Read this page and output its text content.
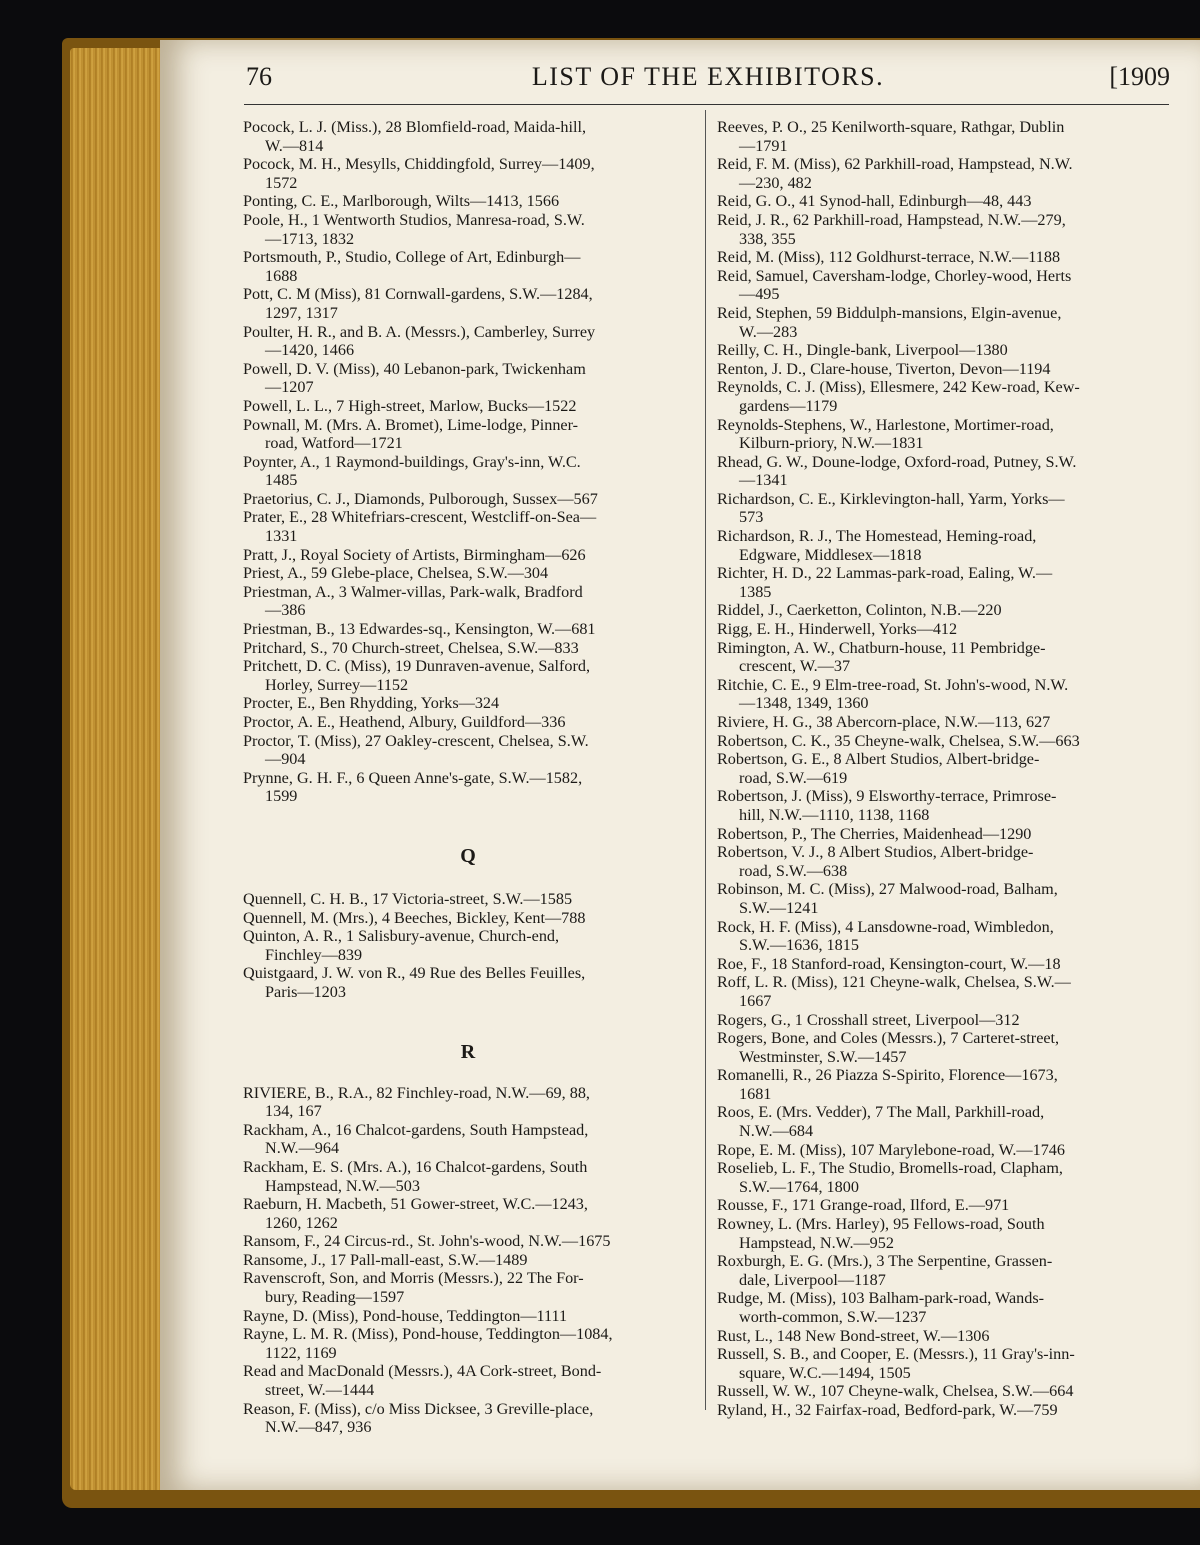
76	LIST OF THE EXHIBITORS.	[1909
Pocock, L. J. (Miss.), 28 Blomfield-road, Maida-hill,
W.—814
Pocock, M. H., Mesylls, Chiddingfold, Surrey—1409,
1572
Ponting, C. E., Marlborough, Wilts—1413, 1566
Poole, H., 1 Wentworth Studios, Manresa-road, S.W.
—1713, 1832
Portsmouth, P., Studio, College of Art, Edinburgh—
1688
Pott, C. M (Miss), 81 Cornwall-gardens, S.W.—1284,
1297, 1317
Poulter, H. R., and B. A. (Messrs.), Camberley, Surrey
—1420, 1466
Powell, D. V. (Miss), 40 Lebanon-park, Twickenham
—1207
Powell, L. L., 7 High-street, Marlow, Bucks—1522
Pownall, M. (Mrs. A. Bromet), Lime-lodge, Pinner-
road, Watford—1721
Poynter, A., 1 Raymond-buildings, Gray's-inn, W.C.
1485
Praetorius, C. J., Diamonds, Pulborough, Sussex—567
Prater, E., 28 Whitefriars-crescent, Westcliff-on-Sea—
1331
Pratt, J., Royal Society of Artists, Birmingham—626
Priest, A., 59 Glebe-place, Chelsea, S.W.—304
Priestman, A., 3 Walmer-villas, Park-walk, Bradford
—386
Priestman, B., 13 Edwardes-sq., Kensington, W.—681
Pritchard, S., 70 Church-street, Chelsea, S.W.—833
Pritchett, D. C. (Miss), 19 Dunraven-avenue, Salford,
Horley, Surrey—1152
Procter, E., Ben Rhydding, Yorks—324
Proctor, A. E., Heathend, Albury, Guildford—336
Proctor, T. (Miss), 27 Oakley-crescent, Chelsea, S.W.
—904
Prynne, G. H. F., 6 Queen Anne's-gate, S.W.—1582,
1599
Q
Quennell, C. H. B., 17 Victoria-street, S.W.—1585
Quennell, M. (Mrs.), 4 Beeches, Bickley, Kent—788
Quinton, A. R., 1 Salisbury-avenue, Church-end,
Finchley—839
Quistgaard, J. W. von R., 49 Rue des Belles Feuilles,
Paris—1203
R
RIVIERE, B., R.A., 82 Finchley-road, N.W.—69, 88,
134, 167
Rackham, A., 16 Chalcot-gardens, South Hampstead,
N.W.—964
Rackham, E. S. (Mrs. A.), 16 Chalcot-gardens, South
Hampstead, N.W.—503
Raeburn, H. Macbeth, 51 Gower-street, W.C.—1243,
1260, 1262
Ransom, F., 24 Circus-rd., St. John's-wood, N.W.—1675
Ransome, J., 17 Pall-mall-east, S.W.—1489
Ravenscroft, Son, and Morris (Messrs.), 22 The For-
bury, Reading—1597
Rayne, D. (Miss), Pond-house, Teddington—1111
Rayne, L. M. R. (Miss), Pond-house, Teddington—1084,
1122, 1169
Read and MacDonald (Messrs.), 4A Cork-street, Bond-
street, W.—1444
Reason, F. (Miss), c/o Miss Dicksee, 3 Greville-place,
N.W.—847, 936
Reeves, P. O., 25 Kenilworth-square, Rathgar, Dublin
—1791
Reid, F. M. (Miss), 62 Parkhill-road, Hampstead, N.W.
—230, 482
Reid, G. O., 41 Synod-hall, Edinburgh—48, 443
Reid, J. R., 62 Parkhill-road, Hampstead, N.W.—279,
338, 355
Reid, M. (Miss), 112 Goldhurst-terrace, N.W.—1188
Reid, Samuel, Caversham-lodge, Chorley-wood, Herts
—495
Reid, Stephen, 59 Biddulph-mansions, Elgin-avenue,
W.—283
Reilly, C. H., Dingle-bank, Liverpool—1380
Renton, J. D., Clare-house, Tiverton, Devon—1194
Reynolds, C. J. (Miss), Ellesmere, 242 Kew-road, Kew-
gardens—1179
Reynolds-Stephens, W., Harlestone, Mortimer-road,
Kilburn-priory, N.W.—1831
Rhead, G. W., Doune-lodge, Oxford-road, Putney, S.W.
—1341
Richardson, C. E., Kirklevington-hall, Yarm, Yorks—
573
Richardson, R. J., The Homestead, Heming-road,
Edgware, Middlesex—1818
Richter, H. D., 22 Lammas-park-road, Ealing, W.—
1385
Riddel, J., Caerketton, Colinton, N.B.—220
Rigg, E. H., Hinderwell, Yorks—412
Rimington, A. W., Chatburn-house, 11 Pembridge-
crescent, W.—37
Ritchie, C. E., 9 Elm-tree-road, St. John's-wood, N.W.
—1348, 1349, 1360
Riviere, H. G., 38 Abercorn-place, N.W.—113, 627
Robertson, C. K., 35 Cheyne-walk, Chelsea, S.W.—663
Robertson, G. E., 8 Albert Studios, Albert-bridge-
road, S.W.—619
Robertson, J. (Miss), 9 Elsworthy-terrace, Primrose-
hill, N.W.—1110, 1138, 1168
Robertson, P., The Cherries, Maidenhead—1290
Robertson, V. J., 8 Albert Studios, Albert-bridge-
road, S.W.—638
Robinson, M. C. (Miss), 27 Malwood-road, Balham,
S.W.—1241
Rock, H. F. (Miss), 4 Lansdowne-road, Wimbledon,
S.W.—1636, 1815
Roe, F., 18 Stanford-road, Kensington-court, W.—18
Roff, L. R. (Miss), 121 Cheyne-walk, Chelsea, S.W.—
1667
Rogers, G., 1 Crosshall street, Liverpool—312
Rogers, Bone, and Coles (Messrs.), 7 Carteret-street,
Westminster, S.W.—1457
Romanelli, R., 26 Piazza S-Spirito, Florence—1673,
1681
Roos, E. (Mrs. Vedder), 7 The Mall, Parkhill-road,
N.W.—684
Rope, E. M. (Miss), 107 Marylebone-road, W.—1746
Roselieb, L. F., The Studio, Bromells-road, Clapham,
S.W.—1764, 1800
Rousse, F., 171 Grange-road, Ilford, E.—971
Rowney, L. (Mrs. Harley), 95 Fellows-road, South
Hampstead, N.W.—952
Roxburgh, E. G. (Mrs.), 3 The Serpentine, Grassen-
dale, Liverpool—1187
Rudge, M. (Miss), 103 Balham-park-road, Wands-
worth-common, S.W.—1237
Rust, L., 148 New Bond-street, W.—1306
Russell, S. B., and Cooper, E. (Messrs.), 11 Gray's-inn-
square, W.C.—1494, 1505
Russell, W. W., 107 Cheyne-walk, Chelsea, S.W.—664
Ryland, H., 32 Fairfax-road, Bedford-park, W.—759
